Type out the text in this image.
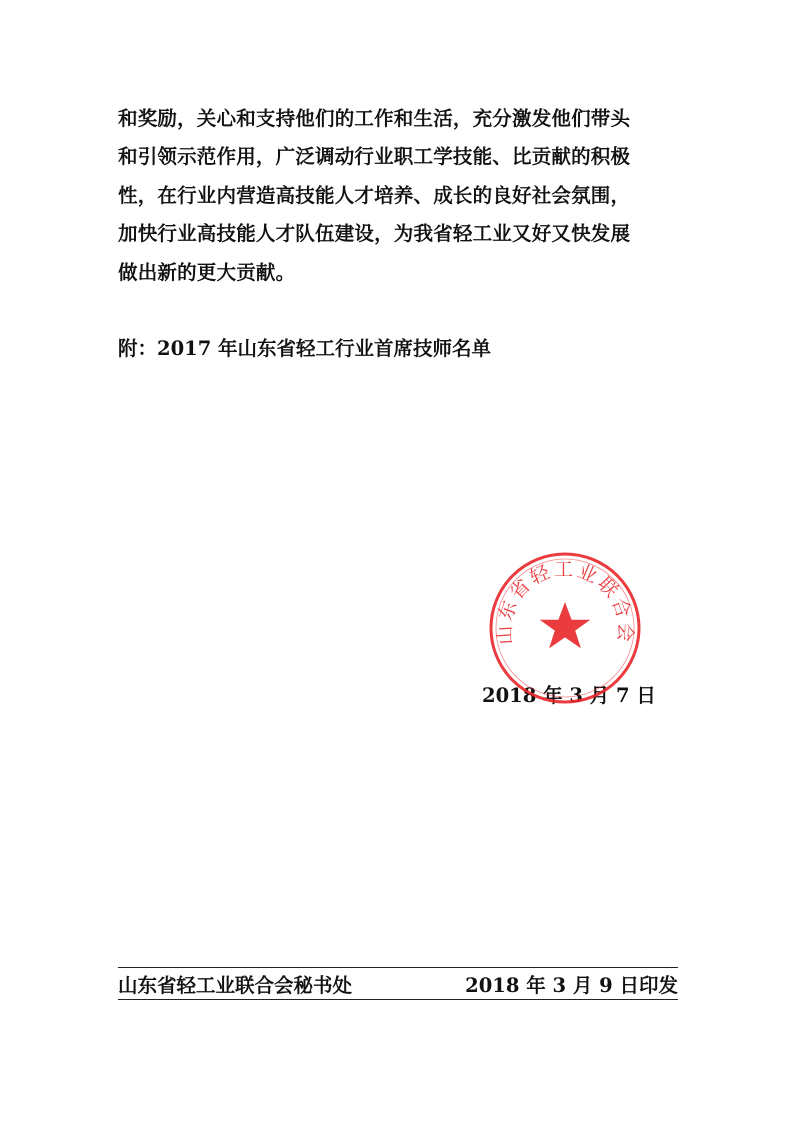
和奖励，关心和支持他们的工作和生活，充分激发他们带头
和引领示范作用，广泛调动行业职工学技能、比贡献的积极
性，在行业内营造高技能人才培养、成长的良好社会氛围，
加快行业高技能人才队伍建设，为我省轻工业又好又快发展
做出新的更大贡献。
附：2017 年山东省轻工行业首席技师名单
2018 年 3 月 7 日
山东省轻工业联合会
山东省轻工业联合会秘书处	2018 年 3 月 9 日印发
